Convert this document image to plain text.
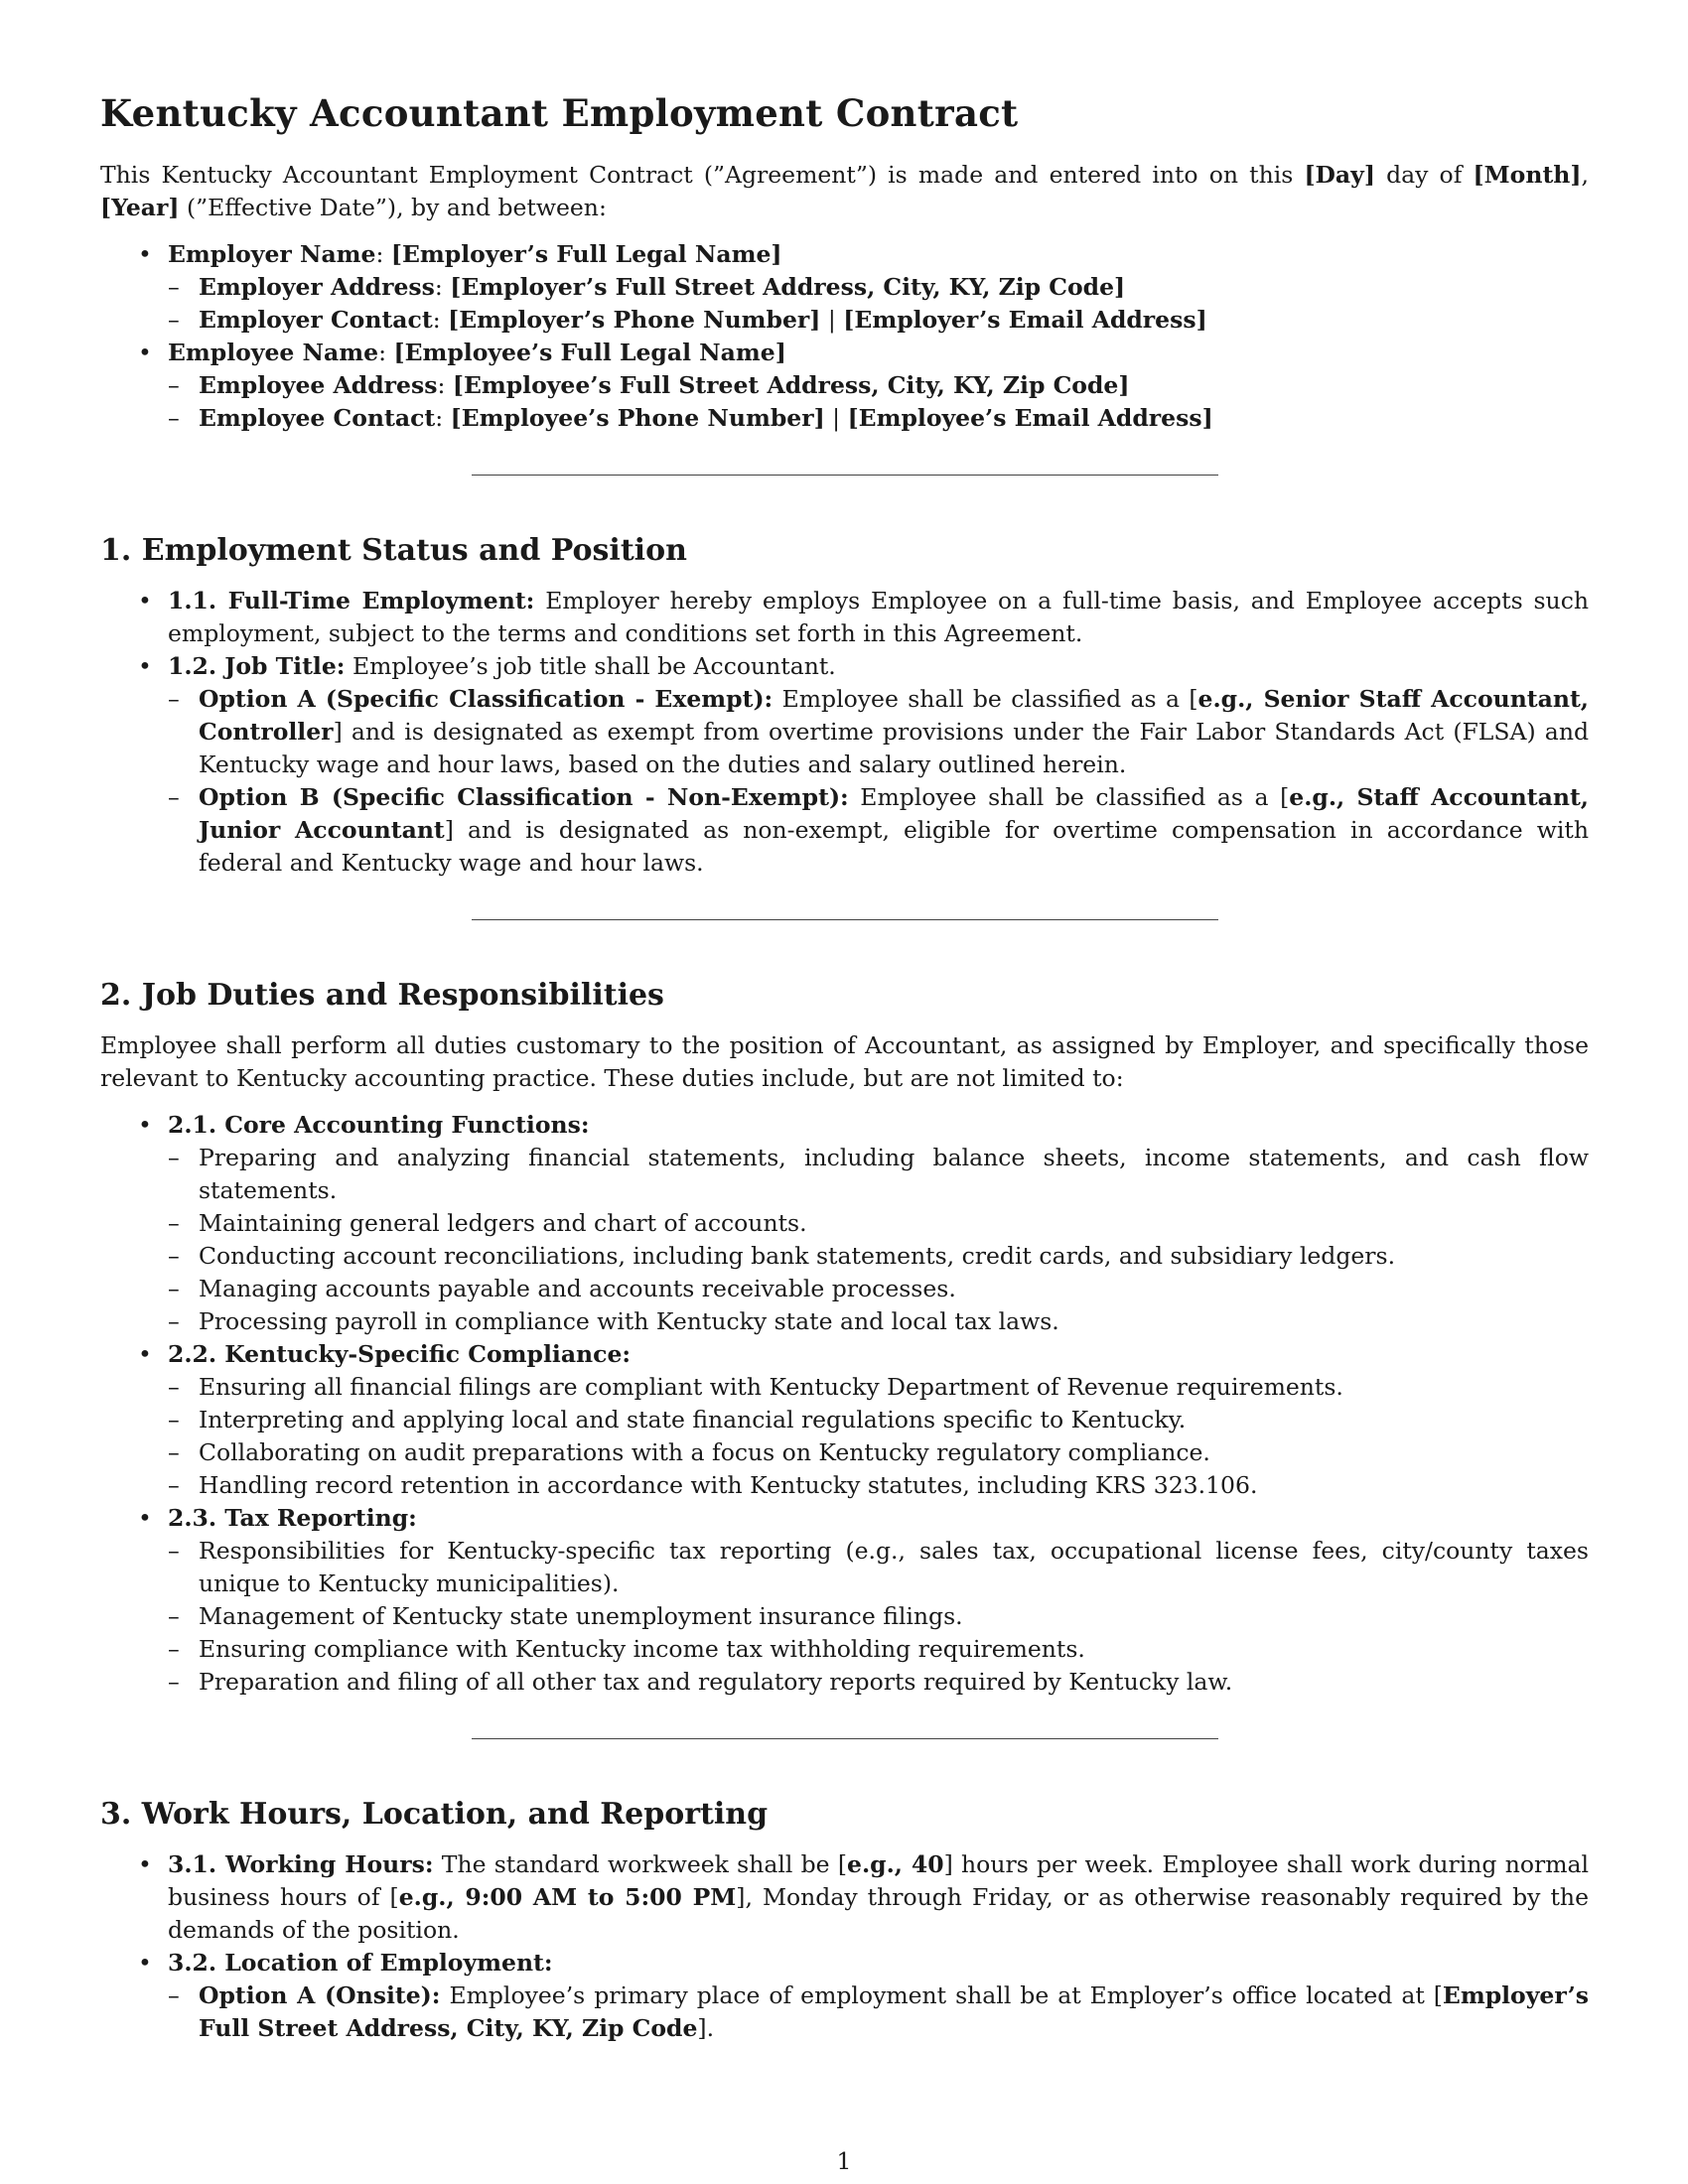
Kentucky Accountant Employment Contract

This Kentucky Accountant Employment Contract (”Agreement”) is made and entered into on this [Day] day of [Month], [Year] (”Effective Date”), by and between:

• Employer Name: [Employer’s Full Legal Name]
– Employer Address: [Employer’s Full Street Address, City, KY, Zip Code]
– Employer Contact: [Employer’s Phone Number] | [Employer’s Email Address]
• Employee Name: [Employee’s Full Legal Name]
– Employee Address: [Employee’s Full Street Address, City, KY, Zip Code]
– Employee Contact: [Employee’s Phone Number] | [Employee’s Email Address]
1. Employment Status and Position
• 1.1. Full-Time Employment: Employer hereby employs Employee on a full-time basis, and Employee accepts such employment, subject to the terms and conditions set forth in this Agreement.
• 1.2. Job Title: Employee’s job title shall be Accountant.
– Option A (Specific Classification - Exempt): Employee shall be classified as a [e.g., Senior Staff Accountant, Controller] and is designated as exempt from overtime provisions under the Fair Labor Standards Act (FLSA) and Kentucky wage and hour laws, based on the duties and salary outlined herein.
– Option B (Specific Classification - Non-Exempt): Employee shall be classified as a [e.g., Staff Accountant, Junior Accountant] and is designated as non-exempt, eligible for overtime compensation in accordance with federal and Kentucky wage and hour laws.
2. Job Duties and Responsibilities

Employee shall perform all duties customary to the position of Accountant, as assigned by Employer, and specifically those relevant to Kentucky accounting practice. These duties include, but are not limited to:

• 2.1. Core Accounting Functions:
– Preparing and analyzing financial statements, including balance sheets, income statements, and cash flow statements.
– Maintaining general ledgers and chart of accounts.
– Conducting account reconciliations, including bank statements, credit cards, and subsidiary ledgers.
– Managing accounts payable and accounts receivable processes.
– Processing payroll in compliance with Kentucky state and local tax laws.
• 2.2. Kentucky-Specific Compliance:
– Ensuring all financial filings are compliant with Kentucky Department of Revenue requirements.
– Interpreting and applying local and state financial regulations specific to Kentucky.
– Collaborating on audit preparations with a focus on Kentucky regulatory compliance.
– Handling record retention in accordance with Kentucky statutes, including KRS 323.106.
• 2.3. Tax Reporting:
– Responsibilities for Kentucky-specific tax reporting (e.g., sales tax, occupational license fees, city/county taxes unique to Kentucky municipalities).
– Management of Kentucky state unemployment insurance filings.
– Ensuring compliance with Kentucky income tax withholding requirements.
– Preparation and filing of all other tax and regulatory reports required by Kentucky law.
3. Work Hours, Location, and Reporting
• 3.1. Working Hours: The standard workweek shall be [e.g., 40] hours per week. Employee shall work during normal business hours of [e.g., 9:00 AM to 5:00 PM], Monday through Friday, or as otherwise reasonably required by the demands of the position.
• 3.2. Location of Employment:
– Option A (Onsite): Employee’s primary place of employment shall be at Employer’s office located at [Employer’s Full Street Address, City, KY, Zip Code].
1
